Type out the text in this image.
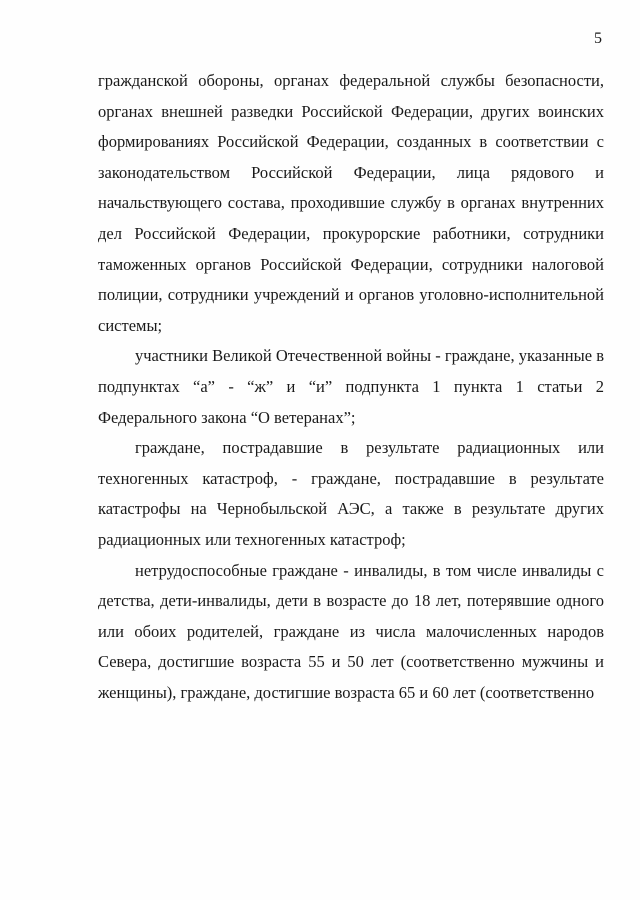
5

гражданской обороны, органах федеральной службы безопасности, органах внешней разведки Российской Федерации, других воинских формированиях Российской Федерации, созданных в соответствии с законодательством Российской Федерации, лица рядового и начальствующего состава, проходившие службу в органах внутренних дел Российской Федерации, прокурорские работники, сотрудники таможенных органов Российской Федерации, сотрудники налоговой полиции, сотрудники учреждений и органов уголовно-исполнительной системы;

участники Великой Отечественной войны - граждане, указанные в подпунктах “а” - “ж” и “и” подпункта 1 пункта 1 статьи 2 Федерального закона “О ветеранах”;

граждане, пострадавшие в результате радиационных или техногенных катастроф, - граждане, пострадавшие в результате катастрофы на Чернобыльской АЭС, а также в результате других радиационных или техногенных катастроф;

нетрудоспособные граждане - инвалиды, в том числе инвалиды с детства, дети-инвалиды, дети в возрасте до 18 лет, потерявшие одного или обоих родителей, граждане из числа малочисленных народов Севера, достигшие возраста 55 и 50 лет (соответственно мужчины и женщины), граждане, достигшие возраста 65 и 60 лет (соответственно
